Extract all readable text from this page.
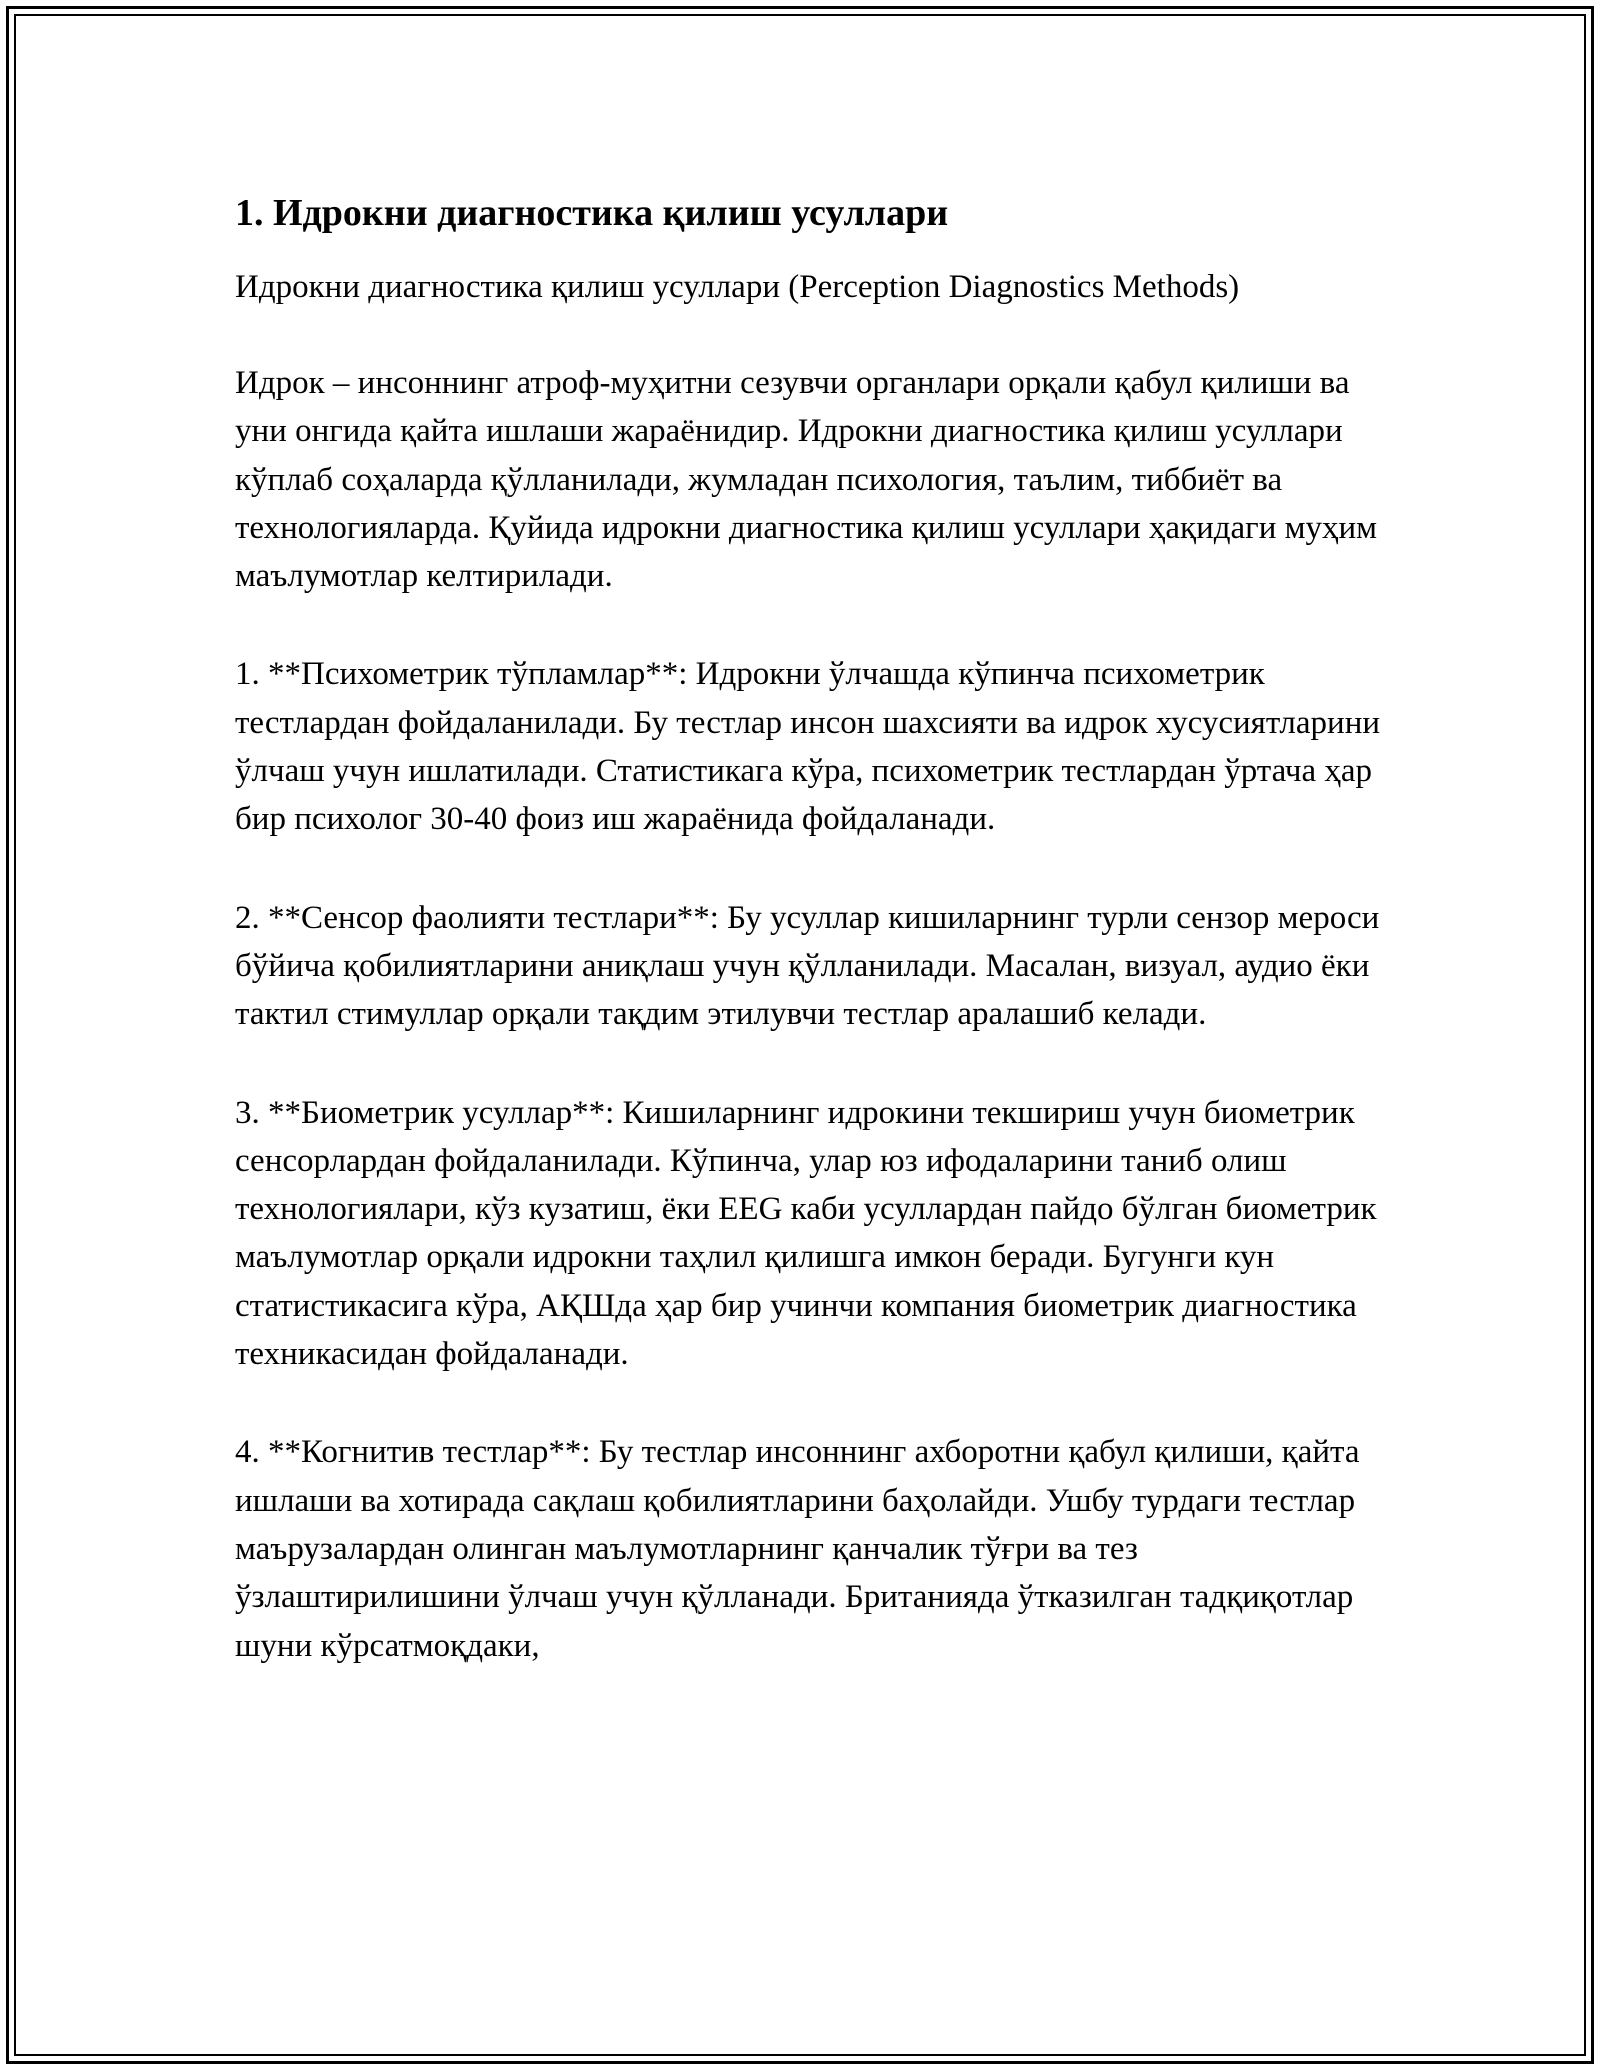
1. Идрокни диагностика қилиш усуллари

Идрокни диагностика қилиш усуллари (Perception Diagnostics Methods)

Идрок – инсоннинг атроф-муҳитни сезувчи органлари орқали қабул қилиши ва уни онгида қайта ишлаши жараёнидир. Идрокни диагностика қилиш усуллари кўплаб соҳаларда қўлланилади, жумладан психология, таълим, тиббиёт ва технологияларда. Қуйида идрокни диагностика қилиш усуллари ҳақидаги муҳим маълумотлар келтирилади.

1. **Психометрик тўпламлар**: Идрокни ўлчашда кўпинча психометрик тестлардан фойдаланилади. Бу тестлар инсон шахсияти ва идрок хусусиятларини ўлчаш учун ишлатилади. Статистикага кўра, психометрик тестлардан ўртача ҳар бир психолог 30-40 фоиз иш жараёнида фойдаланади.

2. **Сенсор фаолияти тестлари**: Бу усуллар кишиларнинг турли сензор мероси бўйича қобилиятларини аниқлаш учун қўлланилади. Масалан, визуал, аудио ёки тактил стимуллар орқали тақдим этилувчи тестлар аралашиб келади.

3. **Биометрик усуллар**: Кишиларнинг идрокини текшириш учун биометрик сенсорлардан фойдаланилади. Кўпинча, улар юз ифодаларини таниб олиш технологиялари, кўз кузатиш, ёки EEG каби усуллардан пайдо бўлган биометрик маълумотлар орқали идрокни таҳлил қилишга имкон беради. Бугунги кун статистикасига кўра, АҚШда ҳар бир учинчи компания биометрик диагностика техникасидан фойдаланади.

4. **Когнитив тестлар**: Бу тестлар инсоннинг ахборотни қабул қилиши, қайта ишлаши ва хотирада сақлаш қобилиятларини баҳолайди. Ушбу турдаги тестлар маърузалардан олинган маълумотларнинг қанчалик тўғри ва тез ўзлаштирилишини ўлчаш учун қўлланади. Британияда ўтказилган тадқиқотлар шуни кўрсатмоқдаки,
